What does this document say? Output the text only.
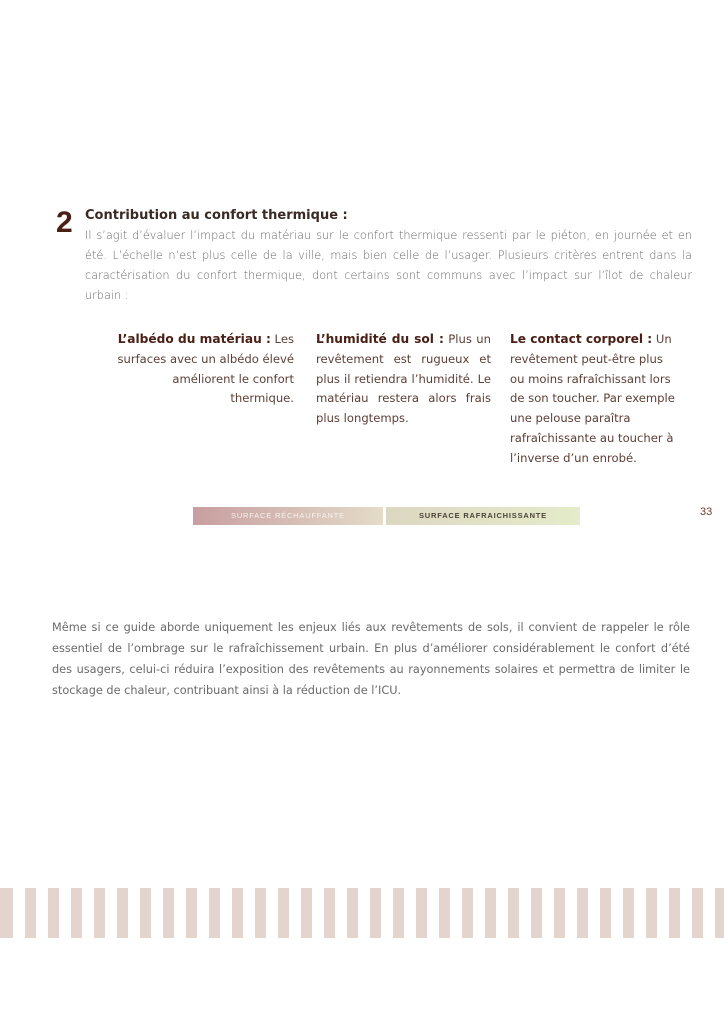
2 Contribution au confort thermique :
Il s’agit d’évaluer l’impact du matériau sur le confort thermique ressenti par le piéton, en journée et en été. L’échelle n’est plus celle de la ville, mais bien celle de l’usager. Plusieurs critères entrent dans la caractérisation du confort thermique, dont certains sont communs avec l’impact sur l’îlot de chaleur urbain :
L’albédo du matériau : Les surfaces avec un albédo élevé améliorent le confort thermique.
L’humidité du sol : Plus un revêtement est rugueux et plus il retiendra l’humidité. Le matériau restera alors frais plus longtemps.
Le contact corporel : Un revêtement peut-être plus ou moins rafraîchissant lors de son toucher. Par exemple une pelouse paraîtra rafraîchissante au toucher à l’inverse d’un enrobé.
SURFACE RÉCHAUFFANTE	SURFACE RAFRAICHISSANTE	33
Même si ce guide aborde uniquement les enjeux liés aux revêtements de sols, il convient de rappeler le rôle essentiel de l’ombrage sur le rafraîchissement urbain. En plus d’améliorer considérablement le confort d’été des usagers, celui-ci réduira l’exposition des revêtements au rayonnements solaires et permettra de limiter le stockage de chaleur, contribuant ainsi à la réduction de l’ICU.
